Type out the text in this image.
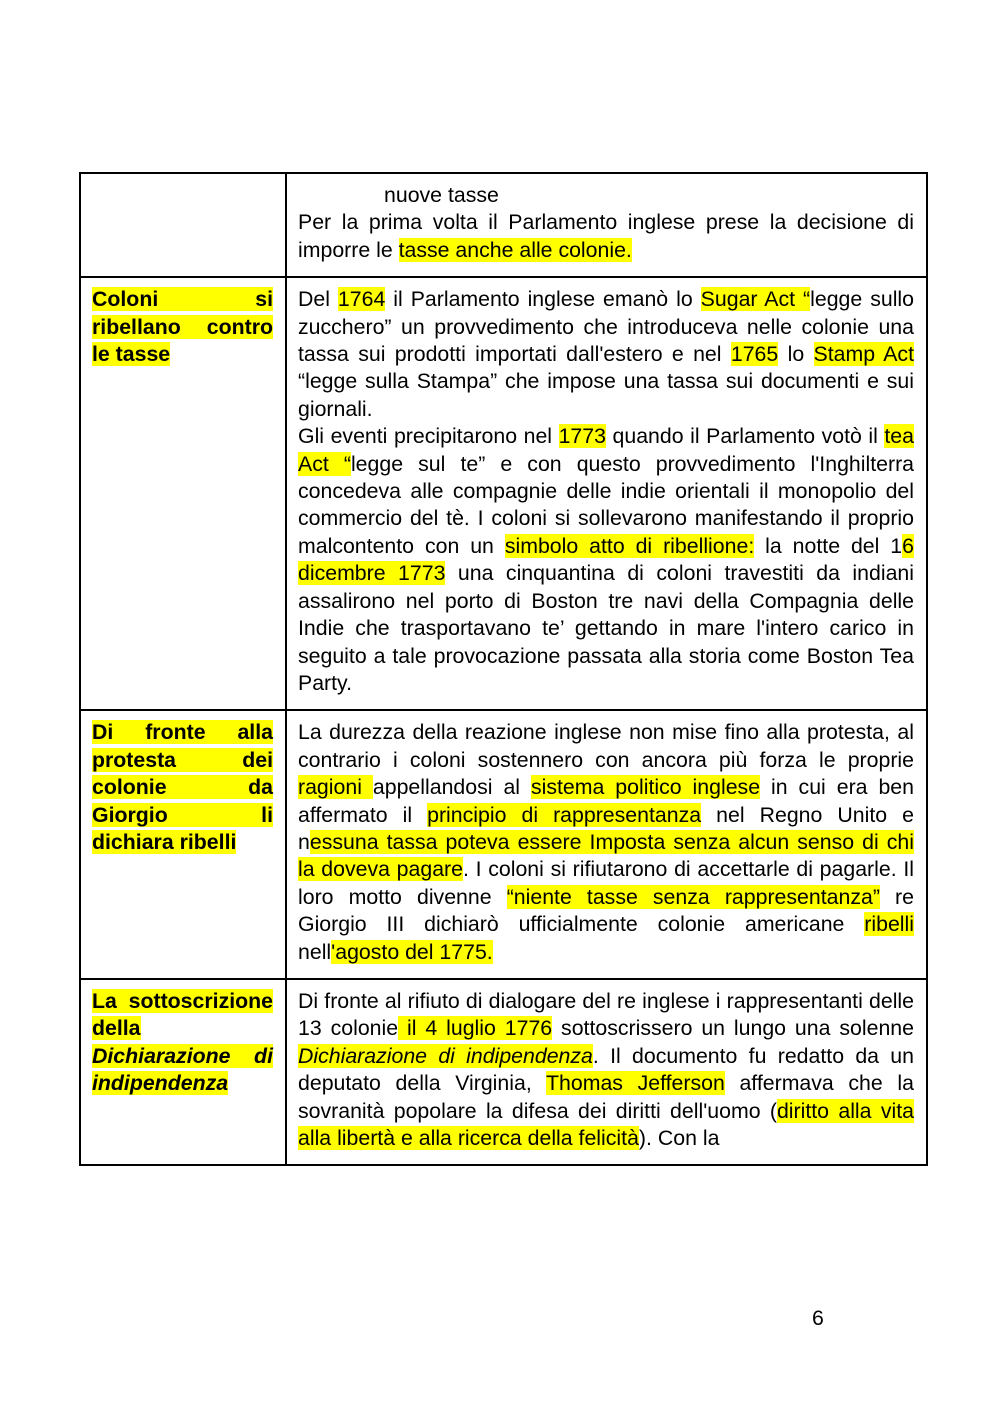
	nuove tasse
Per la prima volta il Parlamento inglese prese la decisione di imporre le tasse anche alle colonie.

Coloni si ribellano contro le tasse	Del 1764 il Parlamento inglese emanò lo Sugar Act “legge sullo zucchero” un provvedimento che introduceva nelle colonie una tassa sui prodotti importati dall'estero e nel 1765 lo Stamp Act “legge sulla Stampa” che impose una tassa sui documenti e sui giornali.
Gli eventi precipitarono nel 1773 quando il Parlamento votò il tea Act “legge sul te” e con questo provvedimento l'Inghilterra concedeva alle compagnie delle indie orientali il monopolio del commercio del tè. I coloni si sollevarono manifestando il proprio malcontento con un simbolo atto di ribellione: la notte del 16 dicembre 1773 una cinquantina di coloni travestiti da indiani assalirono nel porto di Boston tre navi della Compagnia delle Indie che trasportavano te’ gettando in mare l'intero carico in seguito a tale provocazione passata alla storia come Boston Tea Party.

Di fronte alla protesta dei colonie da Giorgio li dichiara ribelli	La durezza della reazione inglese non mise fino alla protesta, al contrario i coloni sostennero con ancora più forza le proprie ragioni appellandosi al sistema politico inglese in cui era ben affermato il principio di rappresentanza nel Regno Unito e nessuna tassa poteva essere Imposta senza alcun senso di chi la doveva pagare. I coloni si rifiutarono di accettarle di pagarle. Il loro motto divenne “niente tasse senza rappresentanza” re Giorgio III dichiarò ufficialmente colonie americane ribelli nell'agosto del 1775.

La sottoscrizione della Dichiarazione di indipendenza	Di fronte al rifiuto di dialogare del re inglese i rappresentanti delle 13 colonie il 4 luglio 1776 sottoscrissero un lungo una solenne Dichiarazione di indipendenza. Il documento fu redatto da un deputato della Virginia, Thomas Jefferson affermava che la sovranità popolare la difesa dei diritti dell'uomo (diritto alla vita alla libertà e alla ricerca della felicità). Con la
6
